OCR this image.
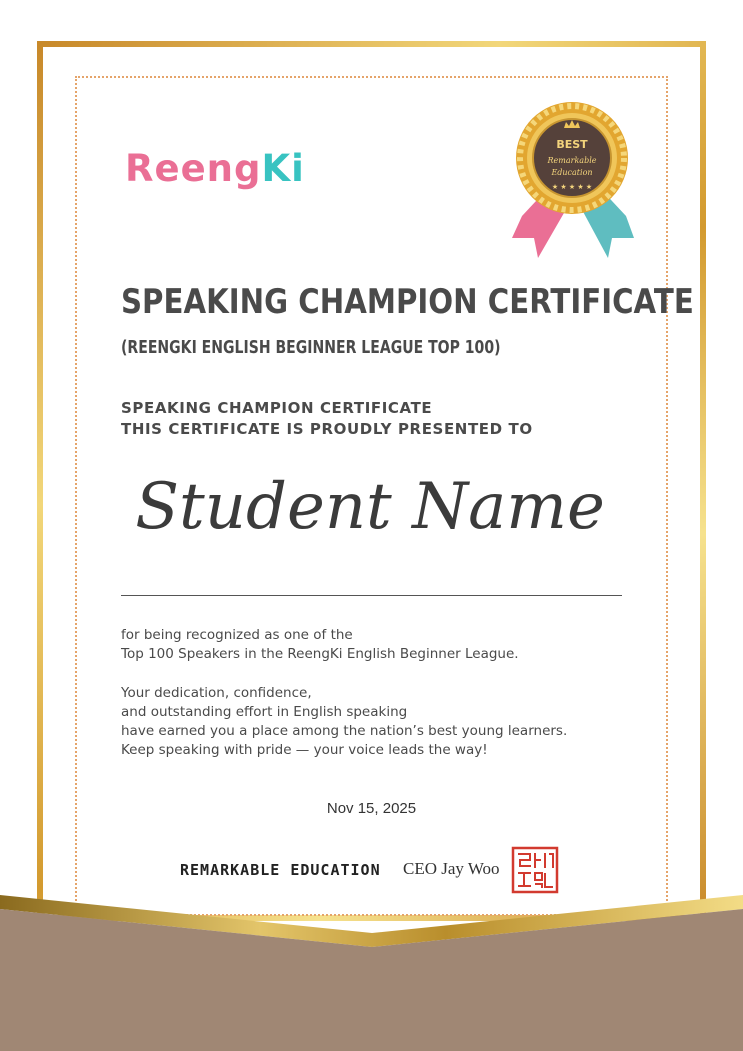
ReengKi
BEST
Remarkable
Education
★ ★ ★ ★ ★
SPEAKING CHAMPION CERTIFICATE
(REENGKI ENGLISH BEGINNER LEAGUE TOP 100)
SPEAKING CHAMPION CERTIFICATE
THIS CERTIFICATE IS PROUDLY PRESENTED TO
Student Name
for being recognized as one of the
Top 100 Speakers in the ReengKi English Beginner League.
Your dedication, confidence,
and outstanding effort in English speaking
have earned you a place among the nation’s best young learners.
Keep speaking with pride — your voice leads the way!
Nov 15, 2025
REMARKABLE EDUCATION CEO Jay Woo
